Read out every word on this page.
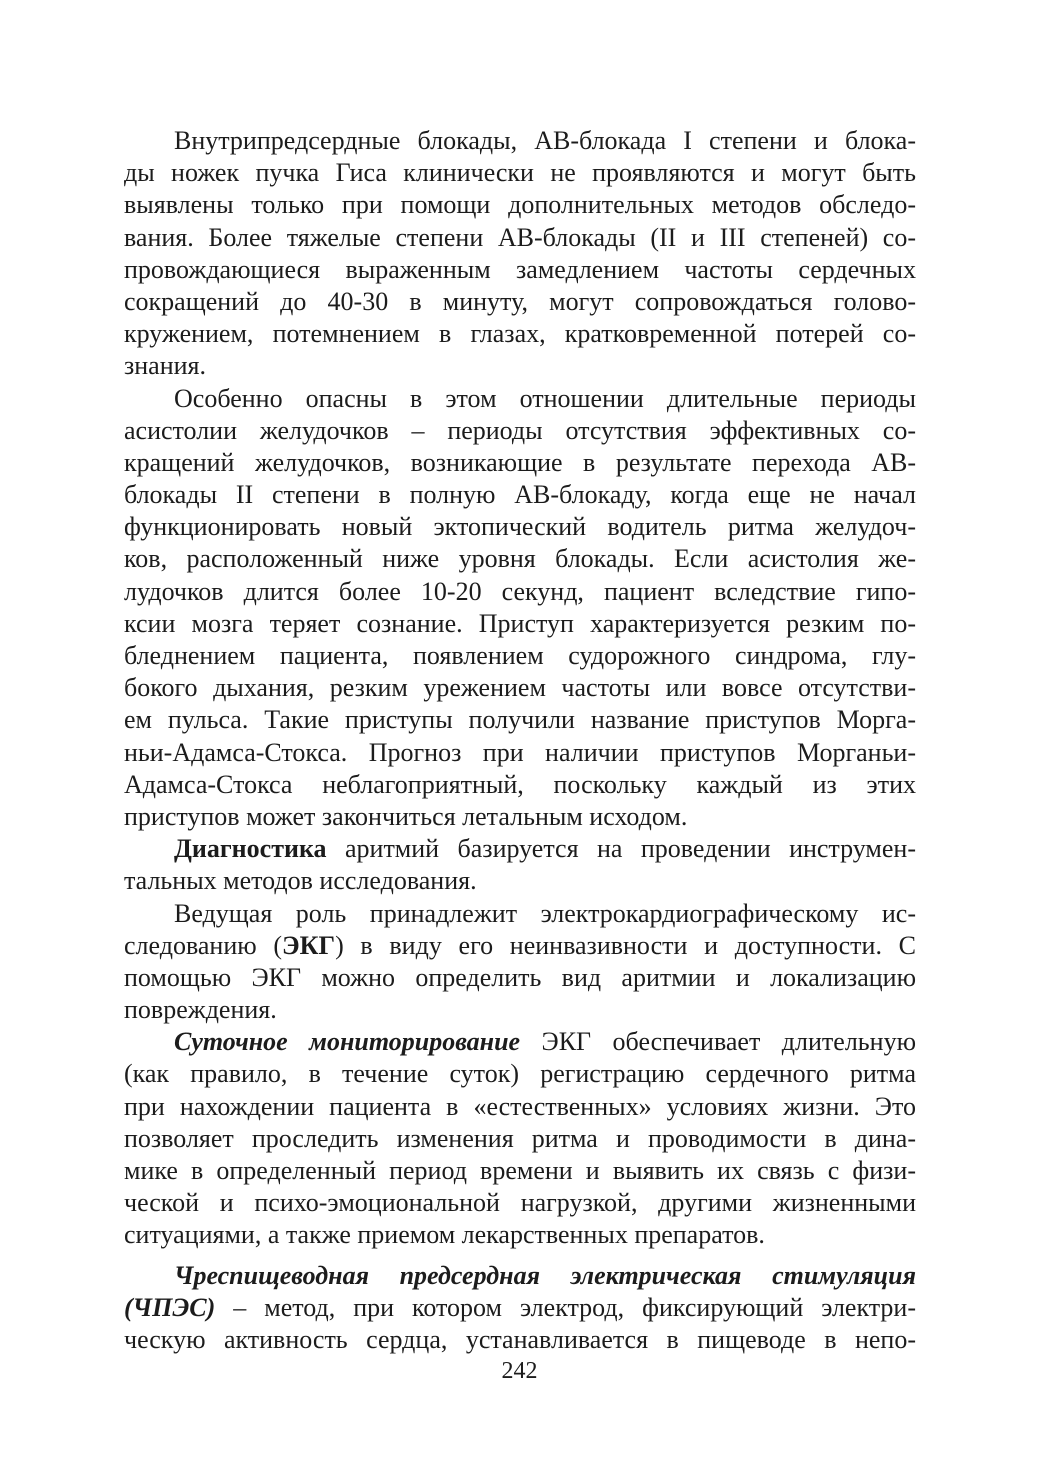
Внутрипредсердные блокады, АВ-блокада I степени и блока-
ды ножек пучка Гиса клинически не проявляются и могут быть
выявлены только при помощи дополнительных методов обследо-
вания. Более тяжелые степени АВ-блокады (II и III степеней) со-
провождающиеся выраженным замедлением частоты сердечных
сокращений до 40-30 в минуту, могут сопровождаться голово-
кружением, потемнением в глазах, кратковременной потерей со-
знания.
Особенно опасны в этом отношении длительные периоды
асистолии желудочков – периоды отсутствия эффективных со-
кращений желудочков, возникающие в результате перехода АВ-
блокады II степени в полную АВ-блокаду, когда еще не начал
функционировать новый эктопический водитель ритма желудоч-
ков, расположенный ниже уровня блокады. Если асистолия же-
лудочков длится более 10-20 секунд, пациент вследствие гипо-
ксии мозга теряет сознание. Приступ характеризуется резким по-
бледнением пациента, появлением судорожного синдрома, глу-
бокого дыхания, резким урежением частоты или вовсе отсутстви-
ем пульса. Такие приступы получили название приступов Морга-
ньи-Адамса-Стокса. Прогноз при наличии приступов Морганьи-
Адамса-Стокса неблагоприятный, поскольку каждый из этих
приступов может закончиться летальным исходом.
Диагностика аритмий базируется на проведении инструмен-
тальных методов исследования.
Ведущая роль принадлежит электрокардиографическому ис-
следованию (ЭКГ) в виду его неинвазивности и доступности. С
помощью ЭКГ можно определить вид аритмии и локализацию
повреждения.
Суточное мониторирование ЭКГ обеспечивает длительную
(как правило, в течение суток) регистрацию сердечного ритма
при нахождении пациента в «естественных» условиях жизни. Это
позволяет проследить изменения ритма и проводимости в дина-
мике в определенный период времени и выявить их связь с физи-
ческой и психо-эмоциональной нагрузкой, другими жизненными
ситуациями, а также приемом лекарственных препаратов.
Чреспищеводная предсердная электрическая стимуляция
(ЧПЭС) – метод, при котором электрод, фиксирующий электри-
ческую активность сердца, устанавливается в пищеводе в непо-
242
